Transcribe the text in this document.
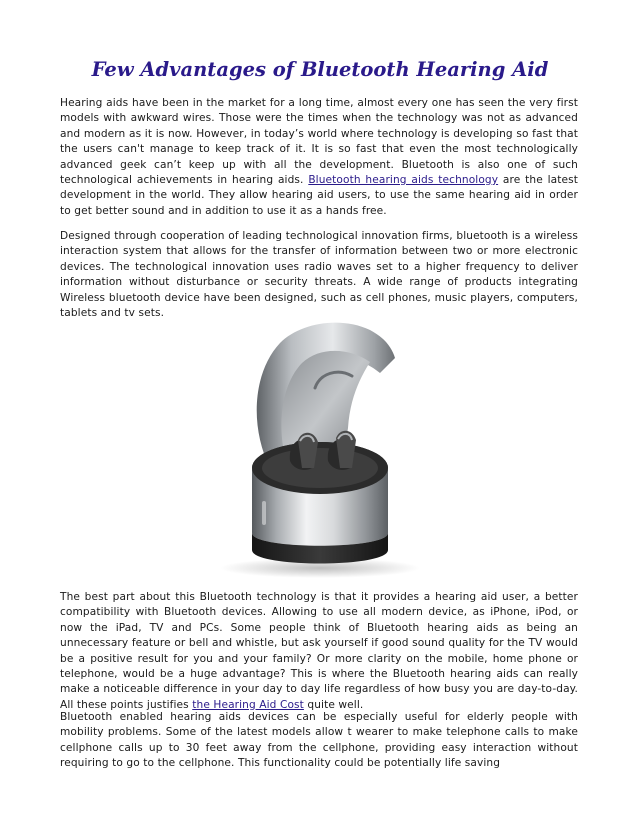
Few Advantages of Bluetooth Hearing Aid

Hearing aids have been in the market for a long time, almost every one has seen the very first models with awkward wires. Those were the times when the technology was not as advanced and modern as it is now. However, in today’s world where technology is developing so fast that the users can't manage to keep track of it. It is so fast that even the most technologically advanced geek can’t keep up with all the development. Bluetooth is also one of such technological achievements in hearing aids. Bluetooth hearing aids technology are the latest development in the world. They allow hearing aid users, to use the same hearing aid in order to get better sound and in addition to use it as a hands free.

Designed through cooperation of leading technological innovation firms, bluetooth is a wireless interaction system that allows for the transfer of information between two or more electronic devices. The technological innovation uses radio waves set to a higher frequency to deliver information without disturbance or security threats. A wide range of products integrating Wireless bluetooth device have been designed, such as cell phones, music players, computers, tablets and tv sets.

The best part about this Bluetooth technology is that it provides a hearing aid user, a better compatibility with Bluetooth devices. Allowing to use all modern device, as iPhone, iPod, or now the iPad, TV and PCs. Some people think of Bluetooth hearing aids as being an unnecessary feature or bell and whistle, but ask yourself if good sound quality for the TV would be a positive result for you and your family? Or more clarity on the mobile, home phone or telephone, would be a huge advantage? This is where the Bluetooth hearing aids can really make a noticeable difference in your day to day life regardless of how busy you are day-to-day. All these points justifies the Hearing Aid Cost quite well.

Bluetooth enabled hearing aids devices can be especially useful for elderly people with mobility problems. Some of the latest models allow t wearer to make telephone calls to make cellphone calls up to 30 feet away from the cellphone, providing easy interaction without requiring to go to the cellphone. This functionality could be potentially life saving
